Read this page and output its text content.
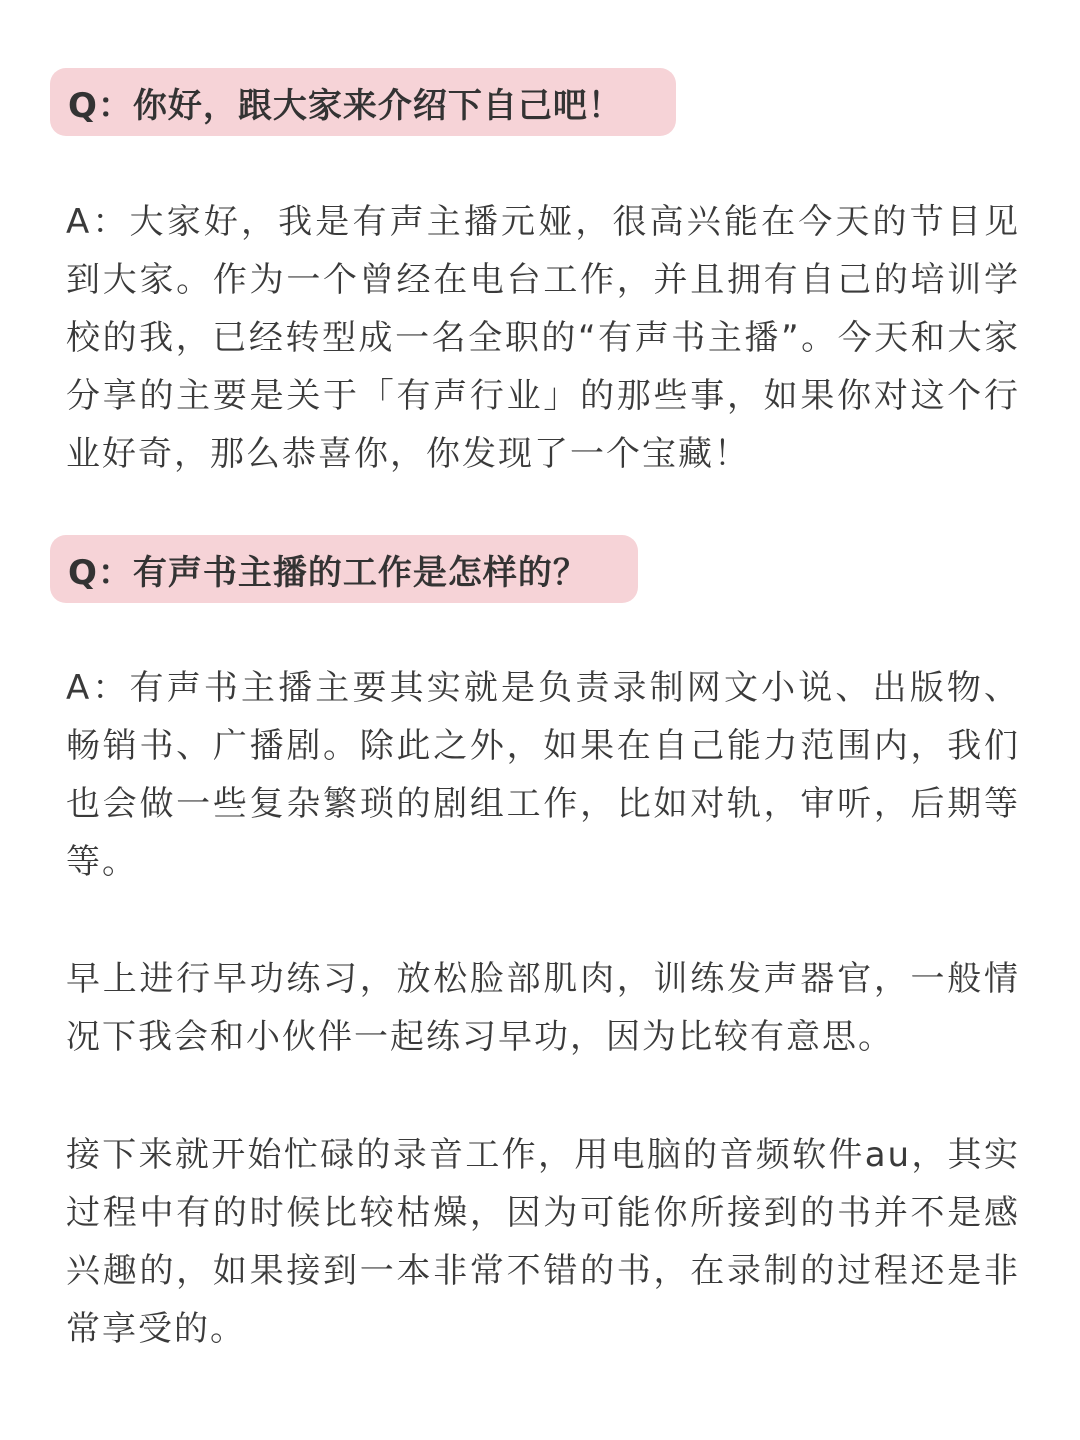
Q：你好，跟大家来介绍下自己吧！

A：大家好，我是有声主播元娅，很高兴能在今天的节目见到大家。作为一个曾经在电台工作，并且拥有自己的培训学校的我，已经转型成一名全职的“有声书主播”。今天和大家分享的主要是关于「有声行业」的那些事，如果你对这个行业好奇，那么恭喜你，你发现了一个宝藏！

Q：有声书主播的工作是怎样的？

A：有声书主播主要其实就是负责录制网文小说、出版物、畅销书、广播剧。除此之外，如果在自己能力范围内，我们也会做一些复杂繁琐的剧组工作，比如对轨，审听，后期等等。

早上进行早功练习，放松脸部肌肉，训练发声器官，一般情况下我会和小伙伴一起练习早功，因为比较有意思。

接下来就开始忙碌的录音工作，用电脑的音频软件au，其实过程中有的时候比较枯燥，因为可能你所接到的书并不是感兴趣的，如果接到一本非常不错的书，在录制的过程还是非常享受的。
